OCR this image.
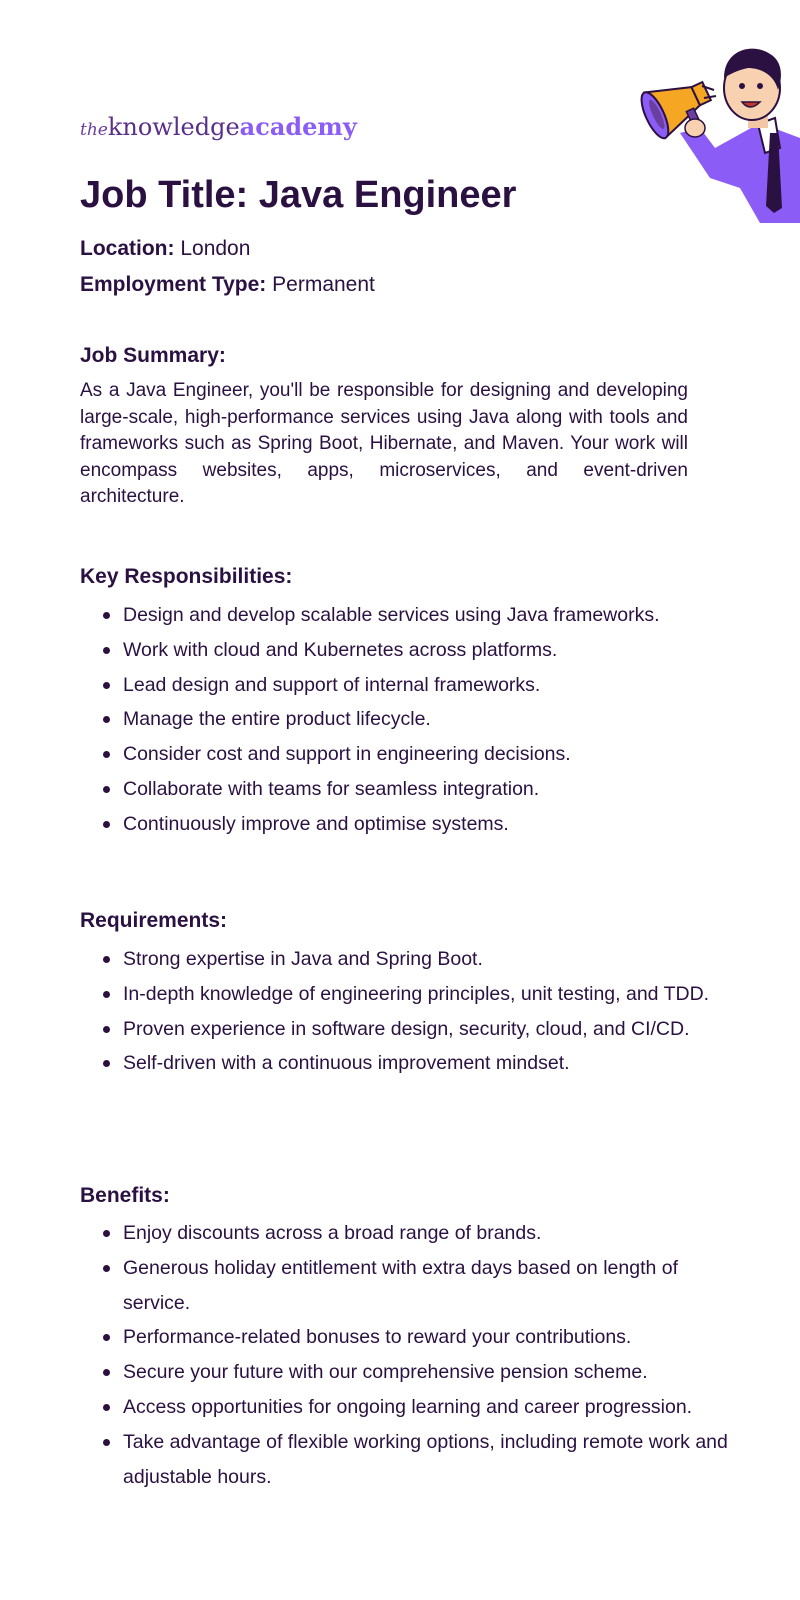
theknowledgeacademy
Job Title: Java Engineer
Location: London
Employment Type: Permanent
Job Summary:

As a Java Engineer, you'll be responsible for designing and developing large-scale, high-performance services using Java along with tools and frameworks such as Spring Boot, Hibernate, and Maven. Your work will encompass websites, apps, microservices, and event-driven architecture.

Key Responsibilities:
Design and develop scalable services using Java frameworks.
Work with cloud and Kubernetes across platforms.
Lead design and support of internal frameworks.
Manage the entire product lifecycle.
Consider cost and support in engineering decisions.
Collaborate with teams for seamless integration.
Continuously improve and optimise systems.
Requirements:
Strong expertise in Java and Spring Boot.
In-depth knowledge of engineering principles, unit testing, and TDD.
Proven experience in software design, security, cloud, and CI/CD.
Self-driven with a continuous improvement mindset.
Benefits:
Enjoy discounts across a broad range of brands.
Generous holiday entitlement with extra days based on length of service.
Performance-related bonuses to reward your contributions.
Secure your future with our comprehensive pension scheme.
Access opportunities for ongoing learning and career progression.
Take advantage of flexible working options, including remote work and adjustable hours.
